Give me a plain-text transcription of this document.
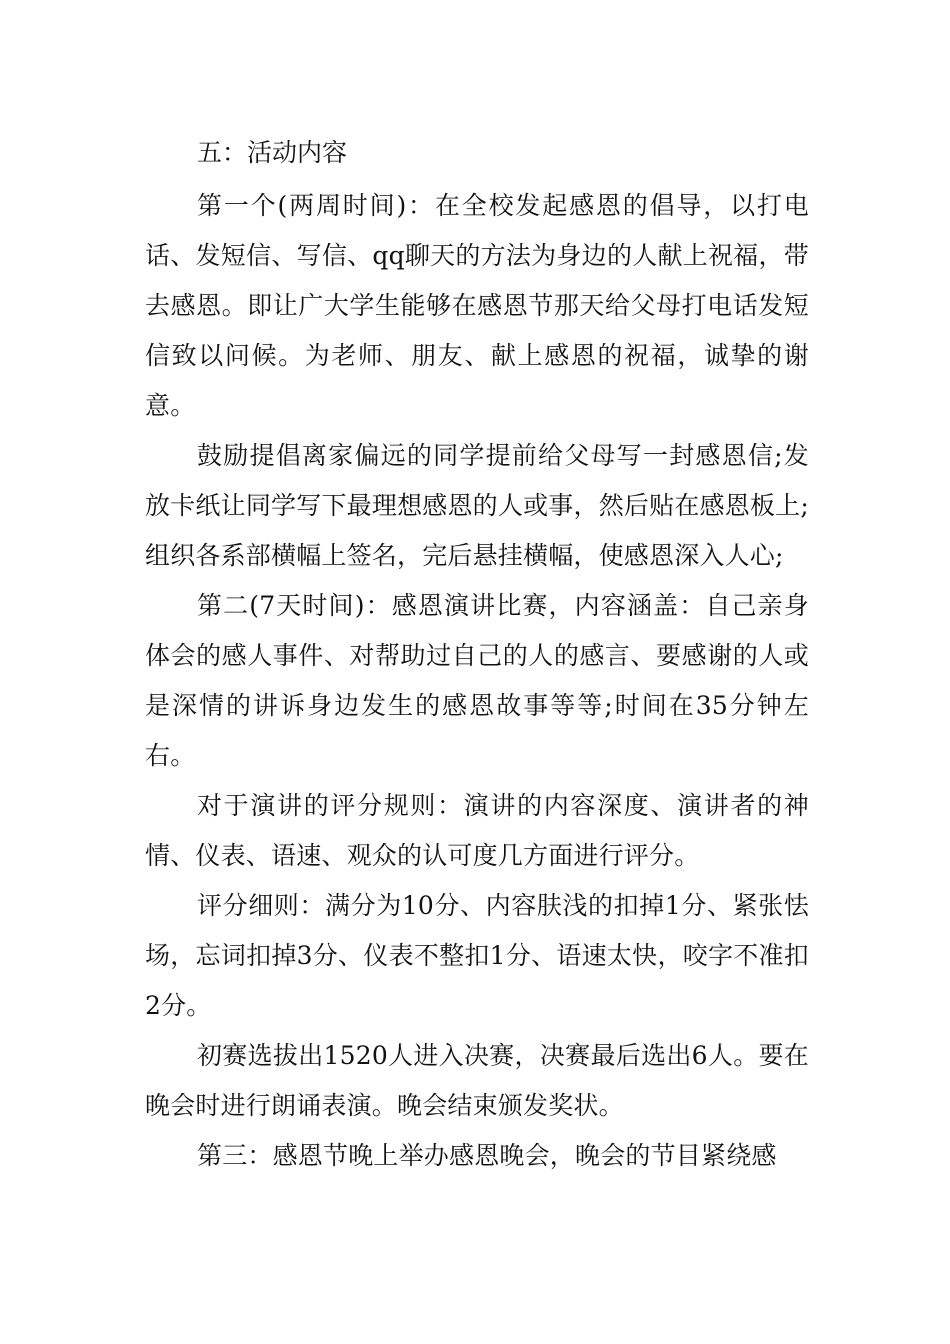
五：活动内容

第一个(两周时间)：在全校发起感恩的倡导，以打电话、发短信、写信、qq聊天的方法为身边的人献上祝福，带去感恩。即让广大学生能够在感恩节那天给父母打电话发短信致以问候。为老师、朋友、献上感恩的祝福，诚挚的谢意。

鼓励提倡离家偏远的同学提前给父母写一封感恩信;发放卡纸让同学写下最理想感恩的人或事，然后贴在感恩板上;组织各系部横幅上签名，完后悬挂横幅，使感恩深入人心;

第二(7天时间)：感恩演讲比赛，内容涵盖：自己亲身体会的感人事件、对帮助过自己的人的感言、要感谢的人或是深情的讲诉身边发生的感恩故事等等;时间在35分钟左右。

对于演讲的评分规则：演讲的内容深度、演讲者的神情、仪表、语速、观众的认可度几方面进行评分。

评分细则：满分为10分、内容肤浅的扣掉1分、紧张怯场，忘词扣掉3分、仪表不整扣1分、语速太快，咬字不准扣2分。

初赛选拔出1520人进入决赛，决赛最后选出6人。要在晚会时进行朗诵表演。晚会结束颁发奖状。

第三：感恩节晚上举办感恩晚会，晚会的节目紧绕感
